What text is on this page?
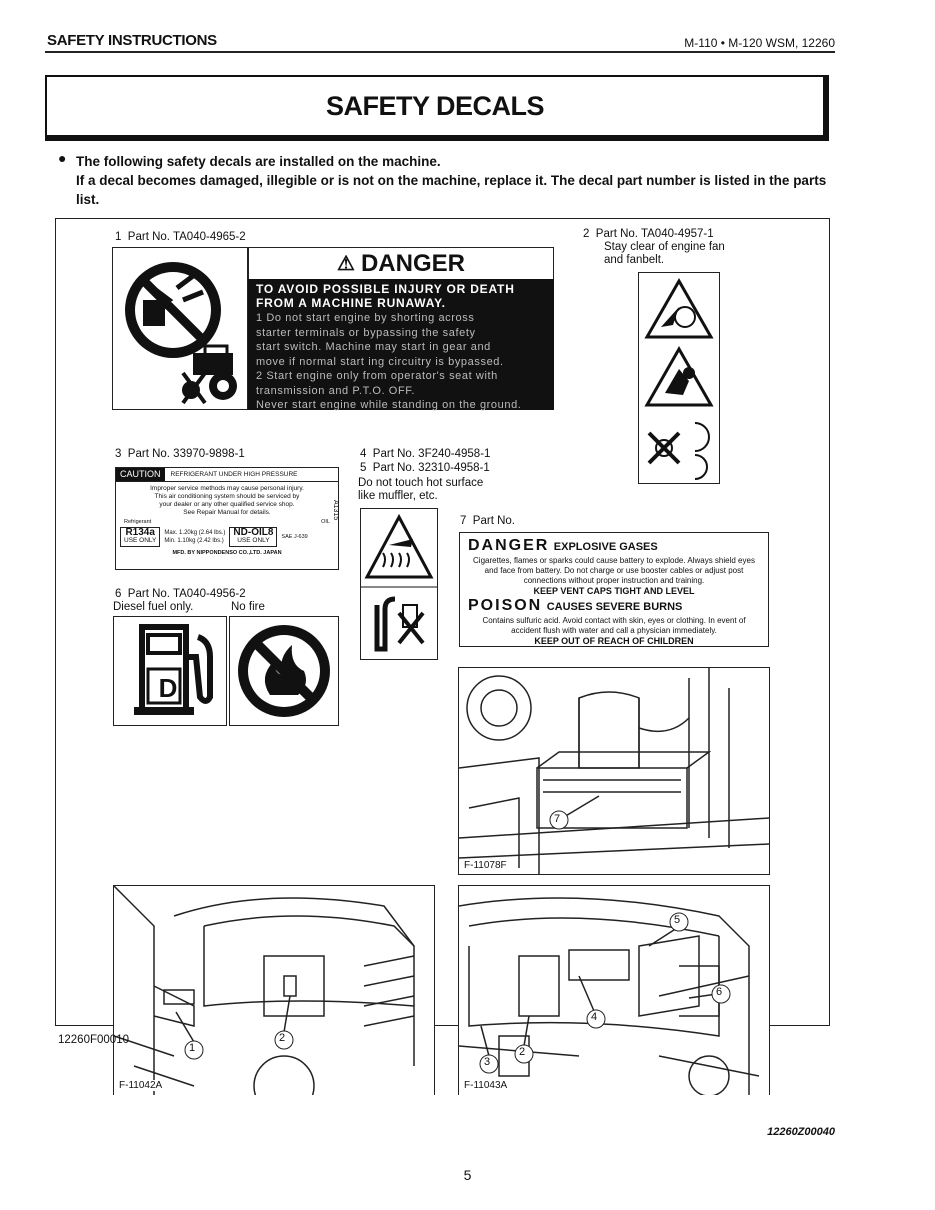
SAFETY INSTRUCTIONS	M-110 • M-120 WSM, 12260
SAFETY DECALS
● The following safety decals are installed on the machine.
If a decal becomes damaged, illegible or is not on the machine, replace it. The decal part number is listed in the parts list.
1 Part No. TA040-4965-2
⚠ DANGER
TO AVOID POSSIBLE INJURY OR DEATH
FROM A MACHINE RUNAWAY.
1 Do not start engine by shorting across
starter terminals or bypassing the safety
start switch. Machine may start in gear and
move if normal start ing circuitry is bypassed.
2 Start engine only from operator's seat with
transmission and P.T.O. OFF.
Never start engine while standing on the ground.
2 Part No. TA040-4957-1
Stay clear of engine fan
and fanbelt.
3 Part No. 33970-9898-1
CAUTION	REFRIGERANT UNDER HIGH PRESSURE
Improper service methods may cause personal injury.
This air conditioning system should be serviced by
your dealer or any other qualified service shop.
See Repair Manual for details.
Refrigerant	OIL
R134a
USE ONLY
Max. 1.20kg (2.64 lbs.)
Min. 1.10kg (2.42 lbs.)
ND-OIL8
USE ONLY	SAE J-639
MFD. BY NIPPONDENSO CO.,LTD. JAPAN
A1315
4 Part No. 3F240-4958-1
5 Part No. 32310-4958-1
Do not touch hot surface
like muffler, etc.
6 Part No. TA040-4956-2
Diesel fuel only.	No fire
D
7 Part No.
DANGER EXPLOSIVE GASES
Cigarettes, flames or sparks could cause battery to explode. Always shield eyes and face from battery. Do not charge or use booster cables or adjust post connections without proper instruction and training.
KEEP VENT CAPS TIGHT AND LEVEL
POISON CAUSES SEVERE BURNS
Contains sulfuric acid. Avoid contact with skin, eyes or clothing. In event of accident flush with water and call a physician immediately.
KEEP OUT OF REACH OF CHILDREN
7
F-11078F
1
2
F-11042A
3
2
4
5
6
F-11043A
12260F00010
12260Z00040
5
